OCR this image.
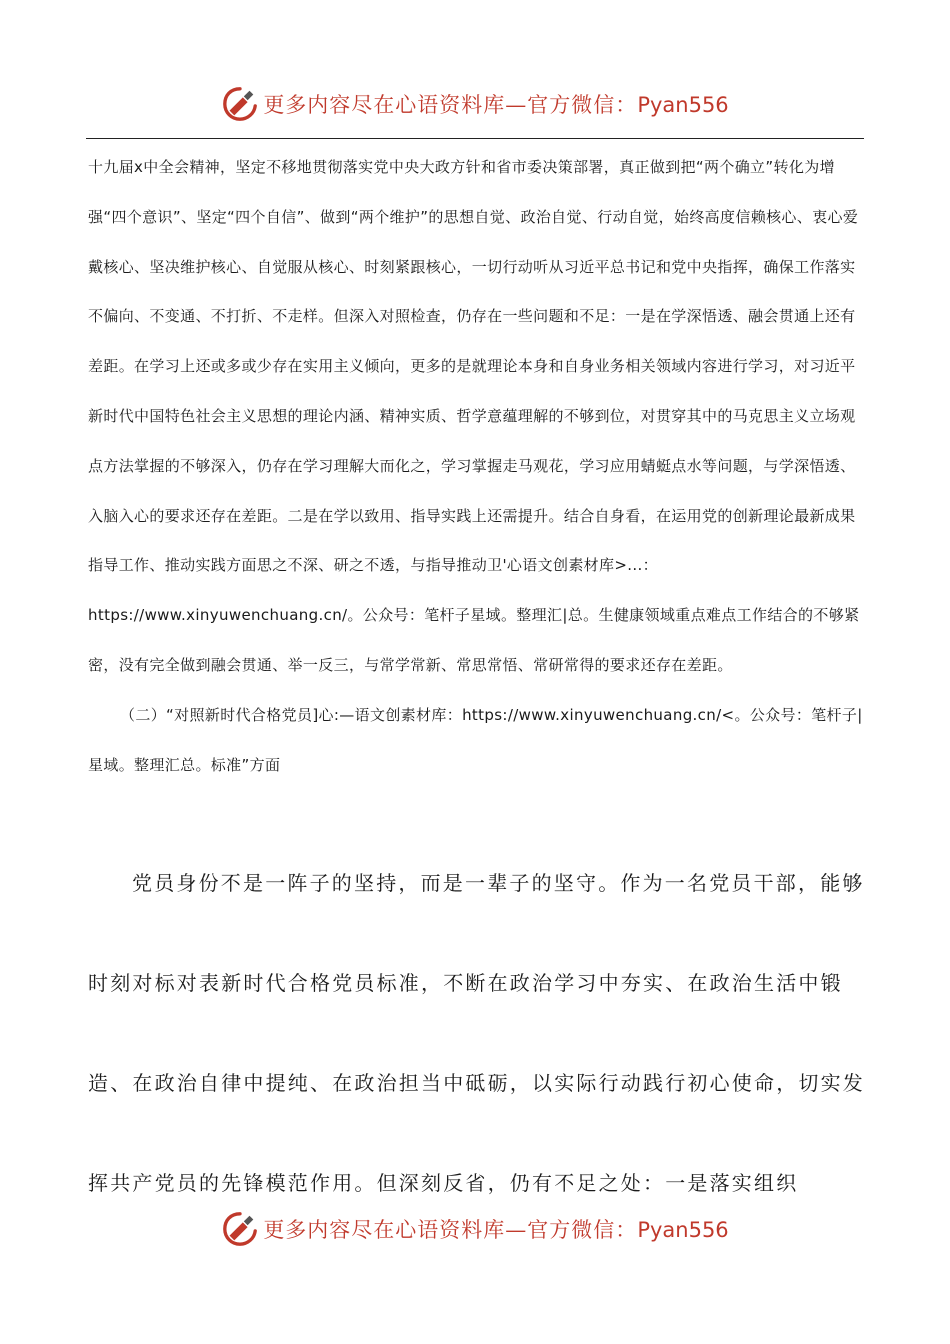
更多内容尽在心语资料库—官方微信：Pyan556

十九届x中全会精神，坚定不移地贯彻落实党中央大政方针和省市委决策部署，真正做到把“两个确立”转化为增强“四个意识”、坚定“四个自信”、做到“两个维护”的思想自觉、政治自觉、行动自觉，始终高度信赖核心、衷心爱戴核心、坚决维护核心、自觉服从核心、时刻紧跟核心，一切行动听从习近平总书记和党中央指挥，确保工作落实不偏向、不变通、不打折、不走样。但深入对照检查，仍存在一些问题和不足：一是在学深悟透、融会贯通上还有差距。在学习上还或多或少存在实用主义倾向，更多的是就理论本身和自身业务相关领域内容进行学习，对习近平新时代中国特色社会主义思想的理论内涵、精神实质、哲学意蕴理解的不够到位，对贯穿其中的马克思主义立场观点方法掌握的不够深入，仍存在学习理解大而化之，学习掌握走马观花，学习应用蜻蜓点水等问题，与学深悟透、入脑入心的要求还存在差距。二是在学以致用、指导实践上还需提升。结合自身看，在运用党的创新理论最新成果指导工作、推动实践方面思之不深、研之不透，与指导推动卫'心语文创素材库>...：https://www.xinyuwenchuang.cn/。公众号：笔杆子星域。整理汇|总。生健康领域重点难点工作结合的不够紧密，没有完全做到融会贯通、举一反三，与常学常新、常思常悟、常研常得的要求还存在差距。

（二）“对照新时代合格党员]心:—语文创素材库：https://www.xinyuwenchuang.cn/<。公众号：笔杆子|星域。整理汇总。标准”方面

党员身份不是一阵子的坚持，而是一辈子的坚守。作为一名党员干部，能够时刻对标对表新时代合格党员标准，不断在政治学习中夯实、在政治生活中锻造、在政治自律中提纯、在政治担当中砥砺，以实际行动践行初心使命，切实发挥共产党员的先锋模范作用。但深刻反省，仍有不足之处：一是落实组织

更多内容尽在心语资料库—官方微信：Pyan556
